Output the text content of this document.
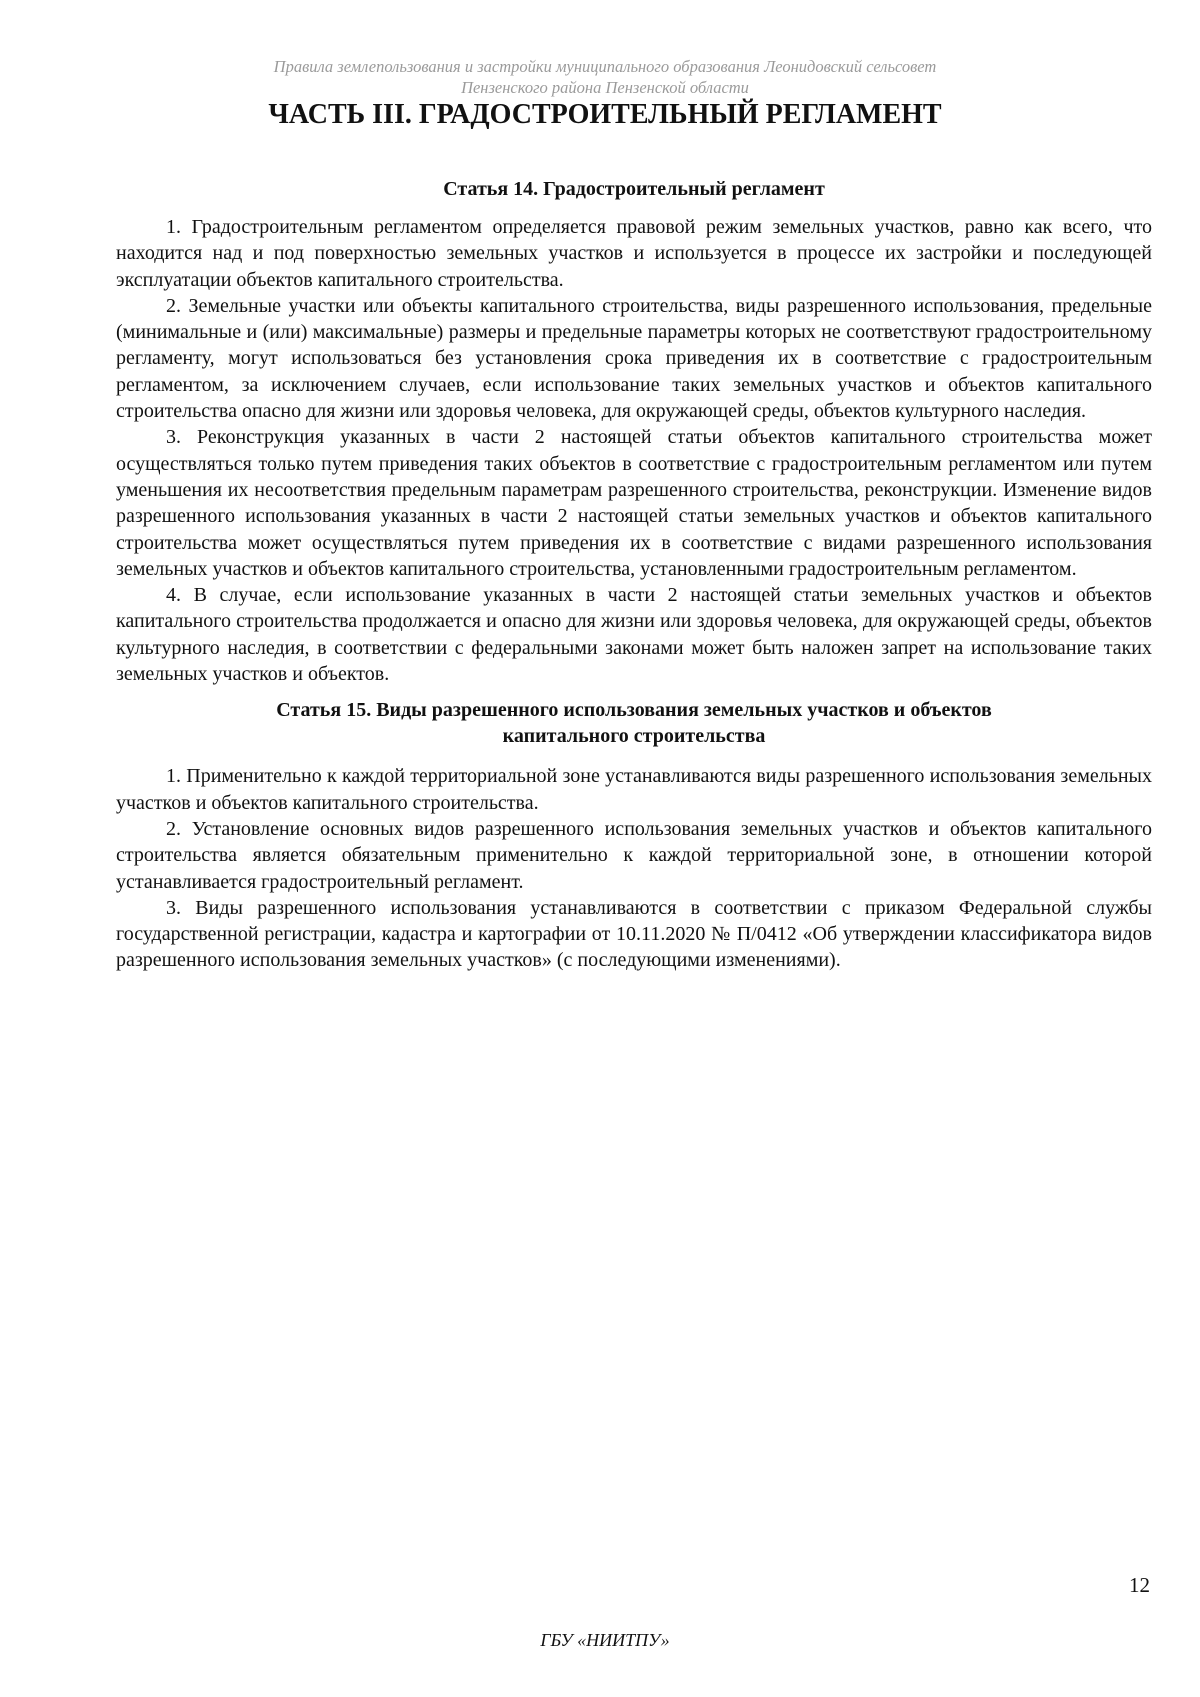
Правила землепользования и застройки муниципального образования Леонидовский сельсовет
Пензенского района Пензенской области
ЧАСТЬ III. ГРАДОСТРОИТЕЛЬНЫЙ РЕГЛАМЕНТ
Статья 14. Градостроительный регламент

1. Градостроительным регламентом определяется правовой режим земельных участков, равно как всего, что находится над и под поверхностью земельных участков и используется в процессе их застройки и последующей эксплуатации объектов капитального строительства.

2. Земельные участки или объекты капитального строительства, виды разрешенного использования, предельные (минимальные и (или) максимальные) размеры и предельные параметры которых не соответствуют градостроительному регламенту, могут использоваться без установления срока приведения их в соответствие с градостроительным регламентом, за исключением случаев, если использование таких земельных участков и объектов капитального строительства опасно для жизни или здоровья человека, для окружающей среды, объектов культурного наследия.

3. Реконструкция указанных в части 2 настоящей статьи объектов капитального строительства может осуществляться только путем приведения таких объектов в соответствие с градостроительным регламентом или путем уменьшения их несоответствия предельным параметрам разрешенного строительства, реконструкции. Изменение видов разрешенного использования указанных в части 2 настоящей статьи земельных участков и объектов капитального строительства может осуществляться путем приведения их в соответствие с видами разрешенного использования земельных участков и объектов капитального строительства, установленными градостроительным регламентом.

4. В случае, если использование указанных в части 2 настоящей статьи земельных участков и объектов капитального строительства продолжается и опасно для жизни или здоровья человека, для окружающей среды, объектов культурного наследия, в соответствии с федеральными законами может быть наложен запрет на использование таких земельных участков и объектов.

Статья 15. Виды разрешенного использования земельных участков и объектов
капитального строительства

1. Применительно к каждой территориальной зоне устанавливаются виды разрешенного использования земельных участков и объектов капитального строительства.

2. Установление основных видов разрешенного использования земельных участков и объектов капитального строительства является обязательным применительно к каждой территориальной зоне, в отношении которой устанавливается градостроительный регламент.

3. Виды разрешенного использования устанавливаются в соответствии с приказом Федеральной службы государственной регистрации, кадастра и картографии от 10.11.2020 № П/0412 «Об утверждении классификатора видов разрешенного использования земельных участков» (с последующими изменениями).

12
ГБУ «НИИТПУ»
